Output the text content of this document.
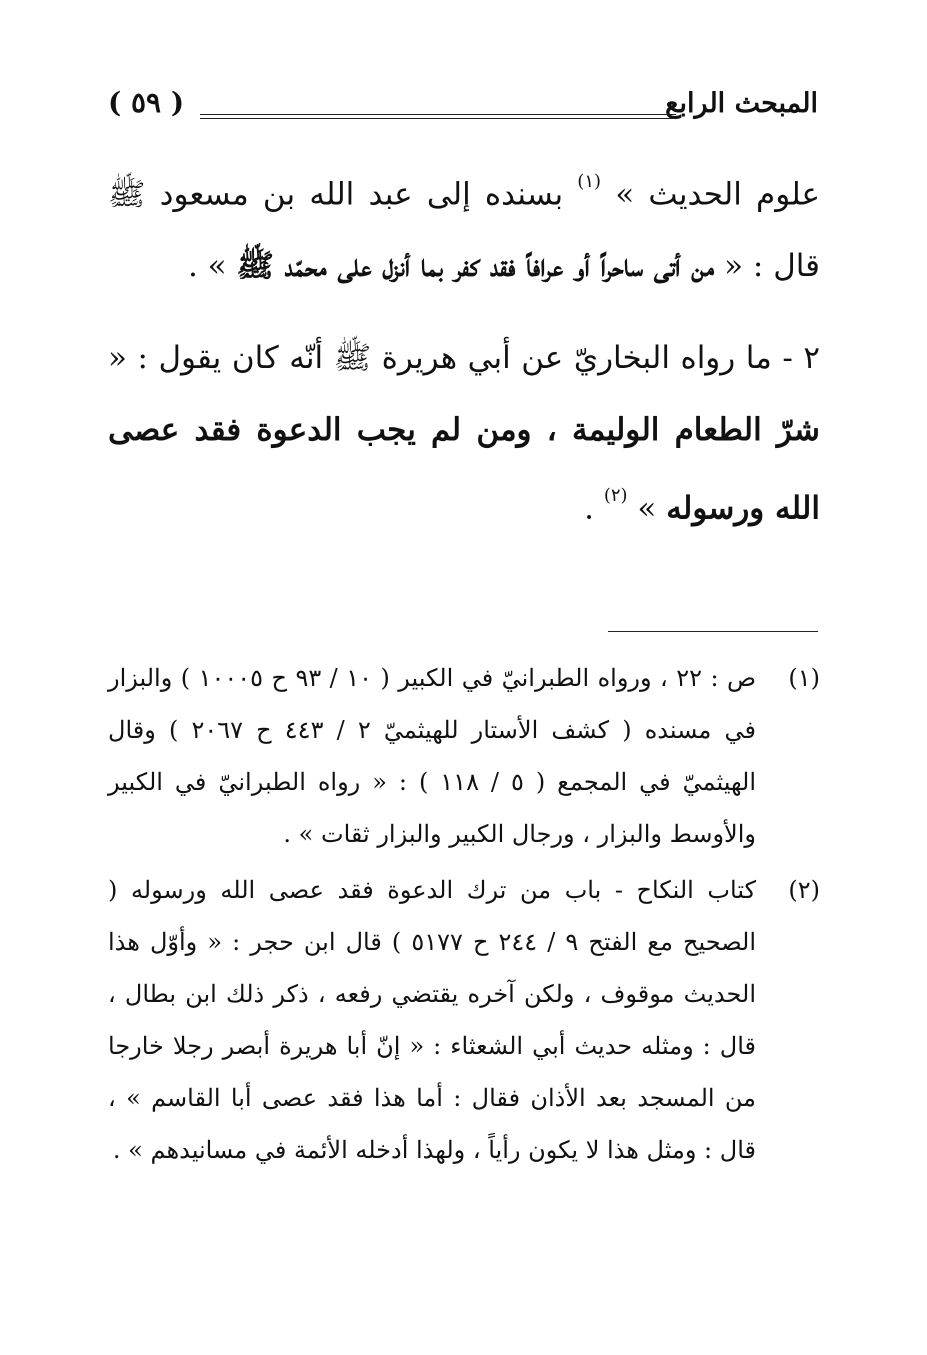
المبحث الرابع
( ٥٩ )

علوم الحديث » $^{(١)}$ بسنده إلى عبد الله بن مسعود ﷺ قال : « من أتى ساحراً أو عرافاً فقد كفر بما أنزل على محمّد ﷺ » .

٢ - ما رواه البخاريّ عن أبي هريرة ﷺ أنّه كان يقول : « شرّ الطعام الوليمة ، ومن لم يجب الدعوة فقد عصى الله ورسوله » $^{(٢)}$ .

(١)
ص : ٢٢ ، ورواه الطبرانيّ في الكبير ( ١٠ / ٩٣ ح ١٠٠٠٥ ) والبزار في مسنده ( كشف الأستار للهيثميّ ٢ / ٤٤٣ ح ٢٠٦٧ ) وقال الهيثميّ في المجمع ( ٥ / ١١٨ ) : « رواه الطبرانيّ في الكبير والأوسط والبزار ، ورجال الكبير والبزار ثقات » .
(٢)
كتاب النكاح - باب من ترك الدعوة فقد عصى الله ورسوله ( الصحيح مع الفتح ٩ / ٢٤٤ ح ٥١٧٧ ) قال ابن حجر : « وأوّل هذا الحديث موقوف ، ولكن آخره يقتضي رفعه ، ذكر ذلك ابن بطال ، قال : ومثله حديث أبي الشعثاء : « إنّ أبا هريرة أبصر رجلا خارجا من المسجد بعد الأذان فقال : أما هذا فقد عصى أبا القاسم » ، قال : ومثل هذا لا يكون رأياً ، ولهذا أدخله الأئمة في مسانيدهم » .
